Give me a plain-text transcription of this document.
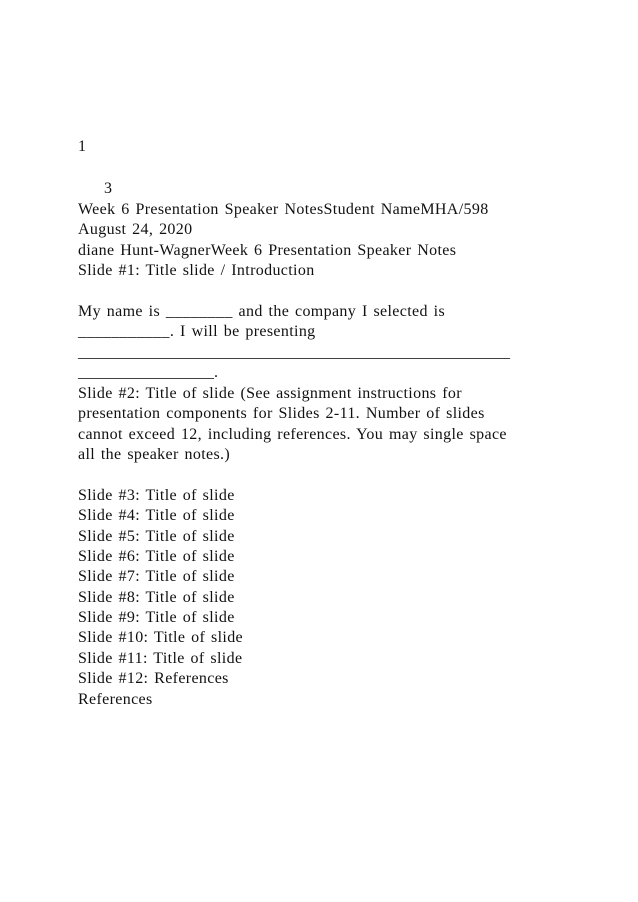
1
3
Week 6 Presentation Speaker NotesStudent NameMHA/598
August 24, 2020
diane Hunt-WagnerWeek 6 Presentation Speaker Notes
Slide #1: Title slide / Introduction
My name is ________ and the company I selected is
___________. I will be presenting
______________________________________________________
_________________.
Slide #2: Title of slide (See assignment instructions for
presentation components for Slides 2-11. Number of slides
cannot exceed 12, including references. You may single space
all the speaker notes.)
Slide #3: Title of slide
Slide #4: Title of slide
Slide #5: Title of slide
Slide #6: Title of slide
Slide #7: Title of slide
Slide #8: Title of slide
Slide #9: Title of slide
Slide #10: Title of slide
Slide #11: Title of slide
Slide #12: References
References
